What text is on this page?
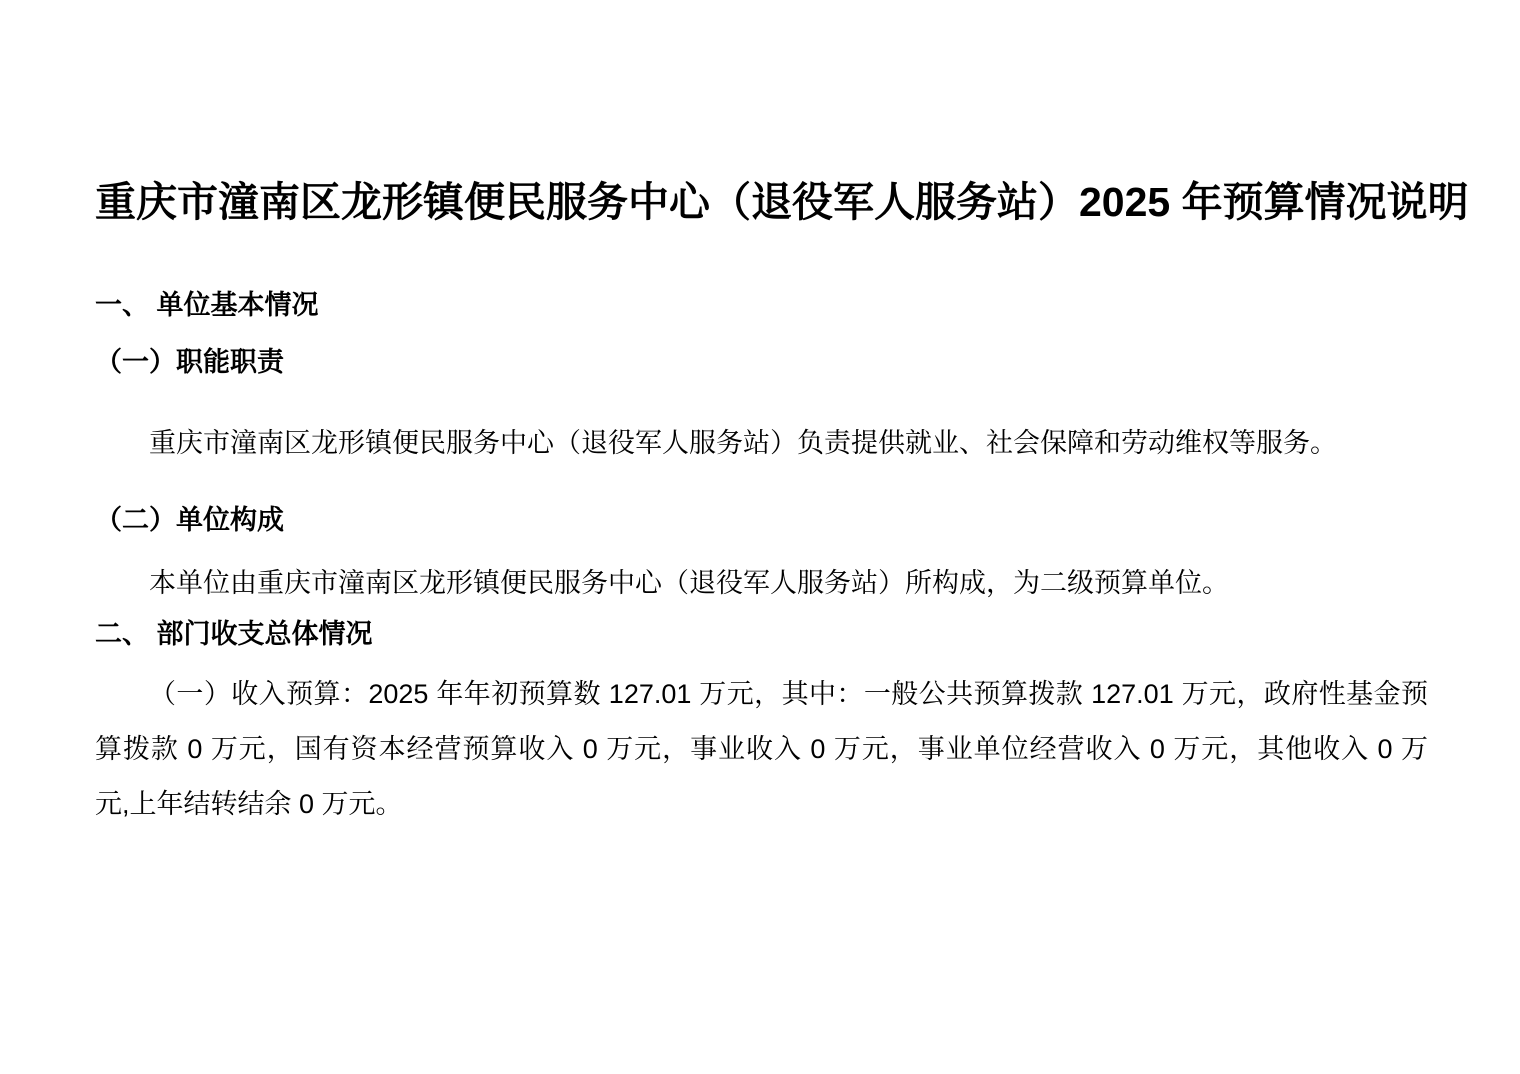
重庆市潼南区龙形镇便民服务中心（退役军人服务站）2025 年预算情况说明
一、 单位基本情况
（一）职能职责

重庆市潼南区龙形镇便民服务中心（退役军人服务站）负责提供就业、社会保障和劳动维权等服务。

（二）单位构成

本单位由重庆市潼南区龙形镇便民服务中心（退役军人服务站）所构成，为二级预算单位。

二、 部门收支总体情况
（一）收入预算：2025 年年初预算数 127.01 万元，其中：一般公共预算拨款 127.01 万元，政府性基金预
算拨款 0 万元，国有资本经营预算收入 0 万元，事业收入 0 万元，事业单位经营收入 0 万元，其他收入 0 万
元,上年结转结余 0 万元。
